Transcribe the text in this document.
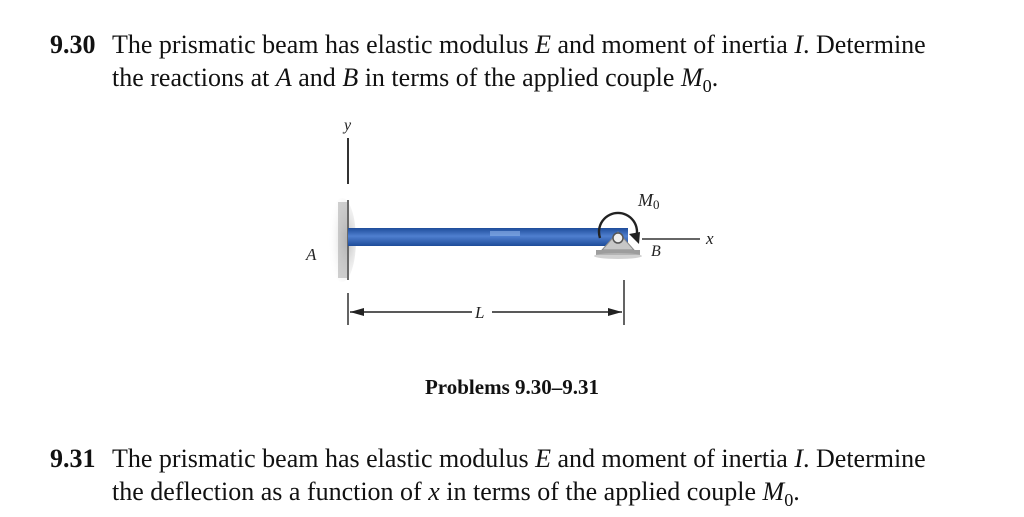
9.30 The prismatic beam has elastic modulus E and moment of inertia I. Determine
the reactions at A and B in terms of the applied couple $M_0$.
y
A
M0
x
B
L
Problems 9.30–9.31
9.31 The prismatic beam has elastic modulus E and moment of inertia I. Determine
the deflection as a function of x in terms of the applied couple $M_0$.
